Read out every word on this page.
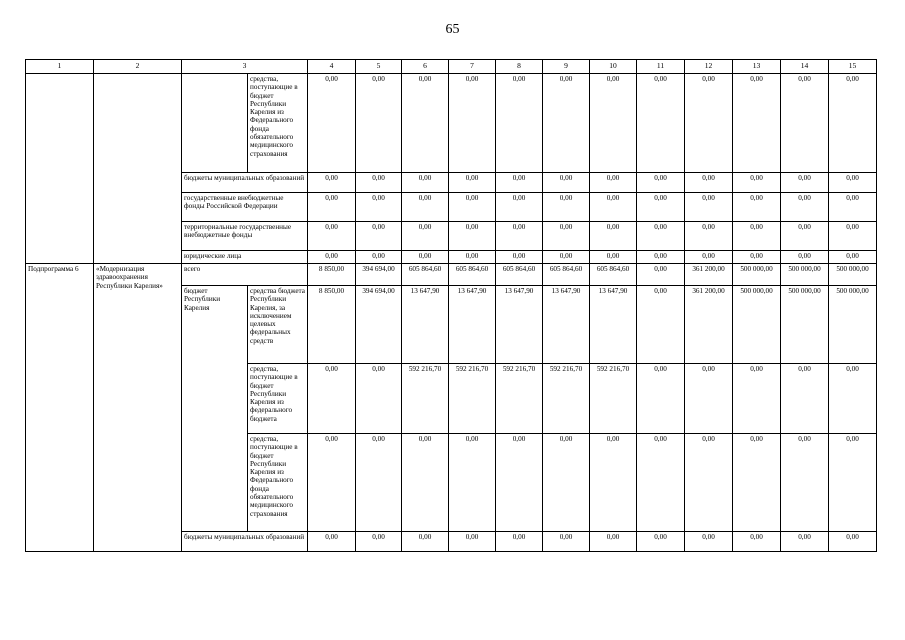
65
1	2	3		4	5	6	7	8	9	10	11	12	13	14	15
			средства, поступающие в бюджет Республики Карелия из Федерального фонда обязательного медицинского страхования	0,00	0,00	0,00	0,00	0,00	0,00	0,00	0,00	0,00	0,00	0,00	0,00
		бюджеты муниципальных образований		0,00	0,00	0,00	0,00	0,00	0,00	0,00	0,00	0,00	0,00	0,00	0,00
		государственные внебюджетные фонды Российской Федерации		0,00	0,00	0,00	0,00	0,00	0,00	0,00	0,00	0,00	0,00	0,00	0,00
		территориальные государственные внебюджетные фонды		0,00	0,00	0,00	0,00	0,00	0,00	0,00	0,00	0,00	0,00	0,00	0,00
		юридические лица		0,00	0,00	0,00	0,00	0,00	0,00	0,00	0,00	0,00	0,00	0,00	0,00
Подпрограмма 6	«Модернизация здравоохранения Республики Карелия»	всего		8 850,00	394 694,00	605 864,60	605 864,60	605 864,60	605 864,60	605 864,60	0,00	361 200,00	500 000,00	500 000,00	500 000,00
		бюджет Республики Карелия	средства бюджета Республики Карелия, за исключением целевых федеральных средств	8 850,00	394 694,00	13 647,90	13 647,90	13 647,90	13 647,90	13 647,90	0,00	361 200,00	500 000,00	500 000,00	500 000,00
			средства, поступающие в бюджет Республики Карелия из федерального бюджета	0,00	0,00	592 216,70	592 216,70	592 216,70	592 216,70	592 216,70	0,00	0,00	0,00	0,00	0,00
			средства, поступающие в бюджет Республики Карелия из Федерального фонда обязательного медицинского страхования	0,00	0,00	0,00	0,00	0,00	0,00	0,00	0,00	0,00	0,00	0,00	0,00

		бюджеты муниципальных образований		0,00	0,00	0,00	0,00	0,00	0,00	0,00	0,00	0,00	0,00	0,00	0,00
